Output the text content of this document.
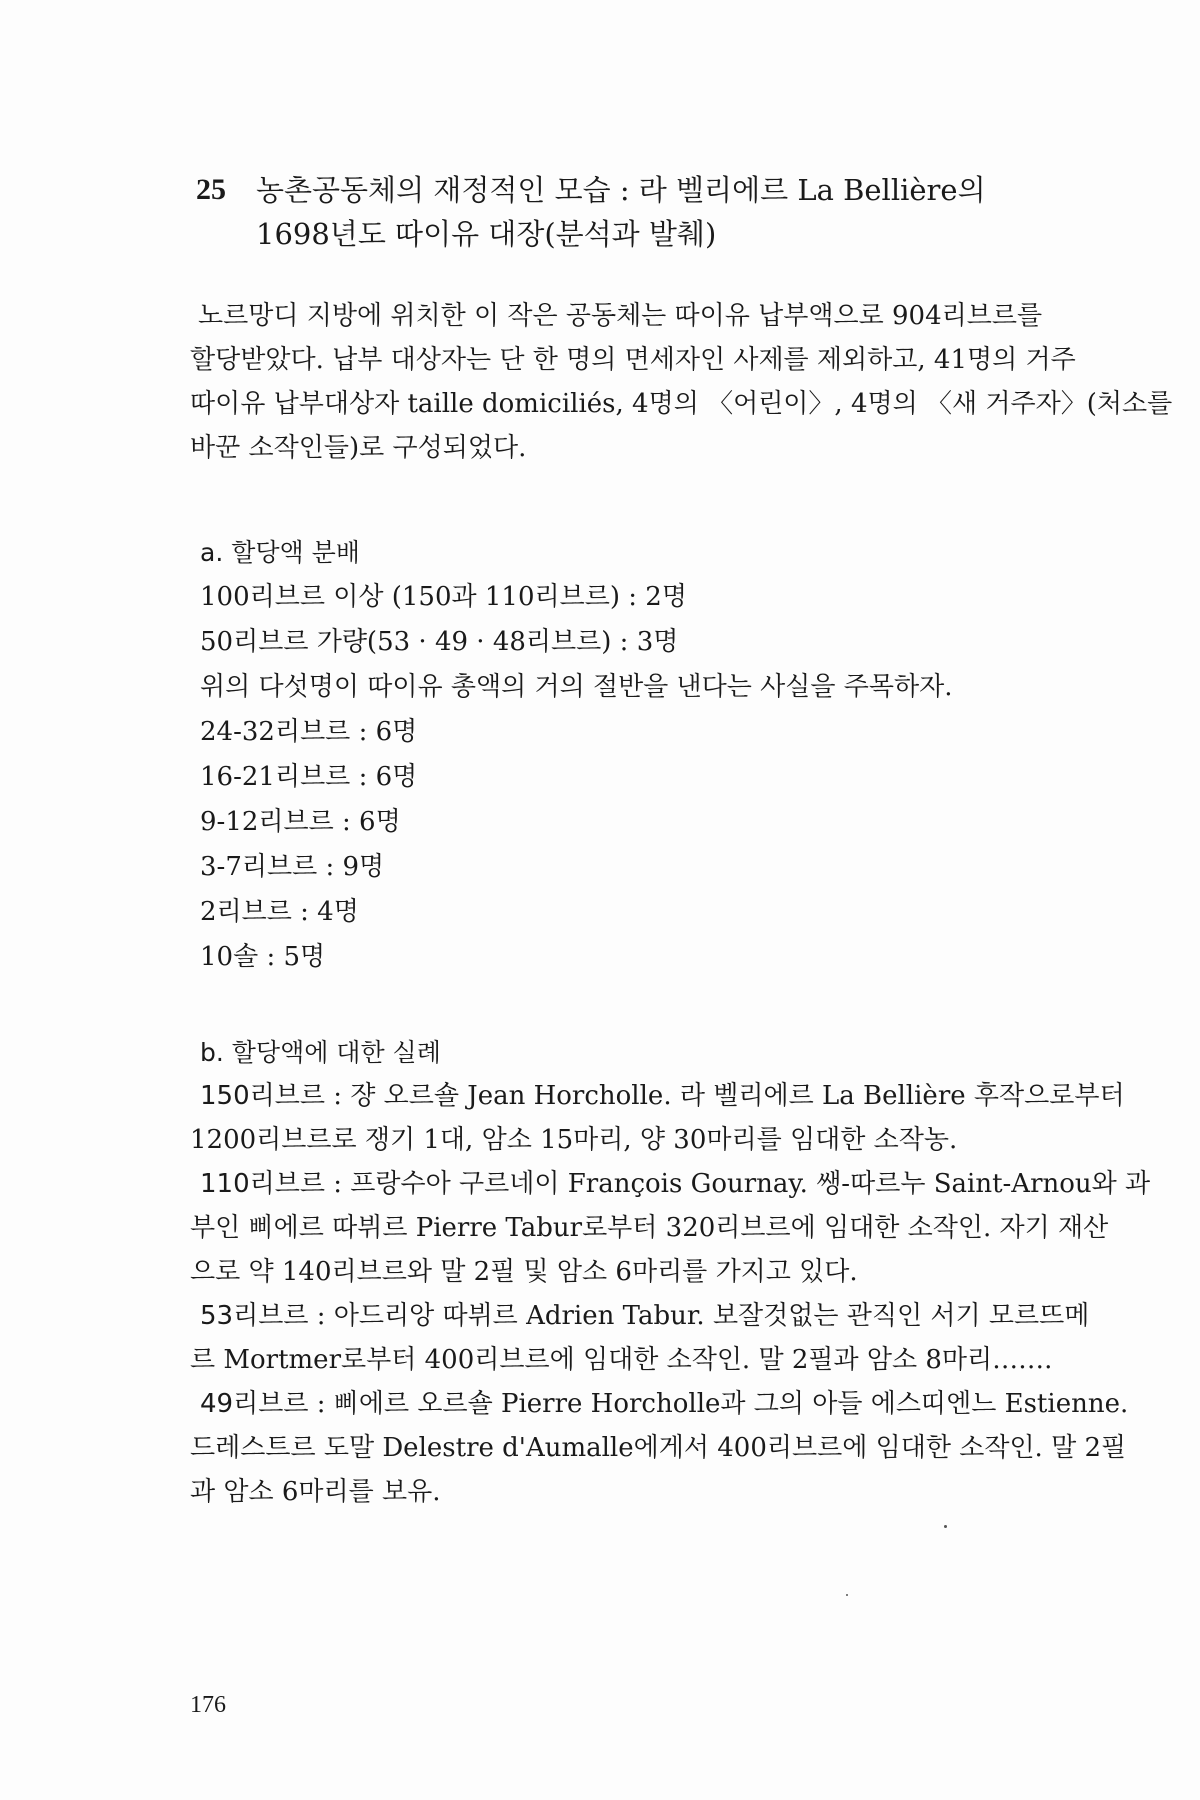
25	농촌공동체의 재정적인 모습 : 라 벨리에르 La Bellière의
1698년도 따이유 대장(분석과 발췌)
노르망디 지방에 위치한 이 작은 공동체는 따이유 납부액으로 904리브르를
할당받았다. 납부 대상자는 단 한 명의 면세자인 사제를 제외하고, 41명의 거주
따이유 납부대상자 taille domiciliés, 4명의 〈어린이〉, 4명의 〈새 거주자〉(처소를
바꾼 소작인들)로 구성되었다.
a. 할당액 분배
100리브르 이상 (150과 110리브르) : 2명
50리브르 가량(53 · 49 · 48리브르) : 3명
위의 다섯명이 따이유 총액의 거의 절반을 낸다는 사실을 주목하자.
24-32리브르 : 6명
16-21리브르 : 6명
9-12리브르 : 6명
3-7리브르 : 9명
2리브르 : 4명
10솔 : 5명
b. 할당액에 대한 실례
150리브르 : 쟝 오르숄 Jean Horcholle. 라 벨리에르 La Bellière 후작으로부터
1200리브르로 쟁기 1대, 암소 15마리, 양 30마리를 임대한 소작농.
110리브르 : 프랑수아 구르네이 François Gournay. 쌩-따르누 Saint-Arnou와 과
부인 삐에르 따뷔르 Pierre Tabur로부터 320리브르에 임대한 소작인. 자기 재산
으로 약 140리브르와 말 2필 및 암소 6마리를 가지고 있다.
53리브르 : 아드리앙 따뷔르 Adrien Tabur. 보잘것없는 관직인 서기 모르뜨메
르 Mortmer로부터 400리브르에 임대한 소작인. 말 2필과 암소 8마리…….
49리브르 : 삐에르 오르숄 Pierre Horcholle과 그의 아들 에스띠엔느 Estienne.
드레스트르 도말 Delestre d'Aumalle에게서 400리브르에 임대한 소작인. 말 2필
과 암소 6마리를 보유.
176
